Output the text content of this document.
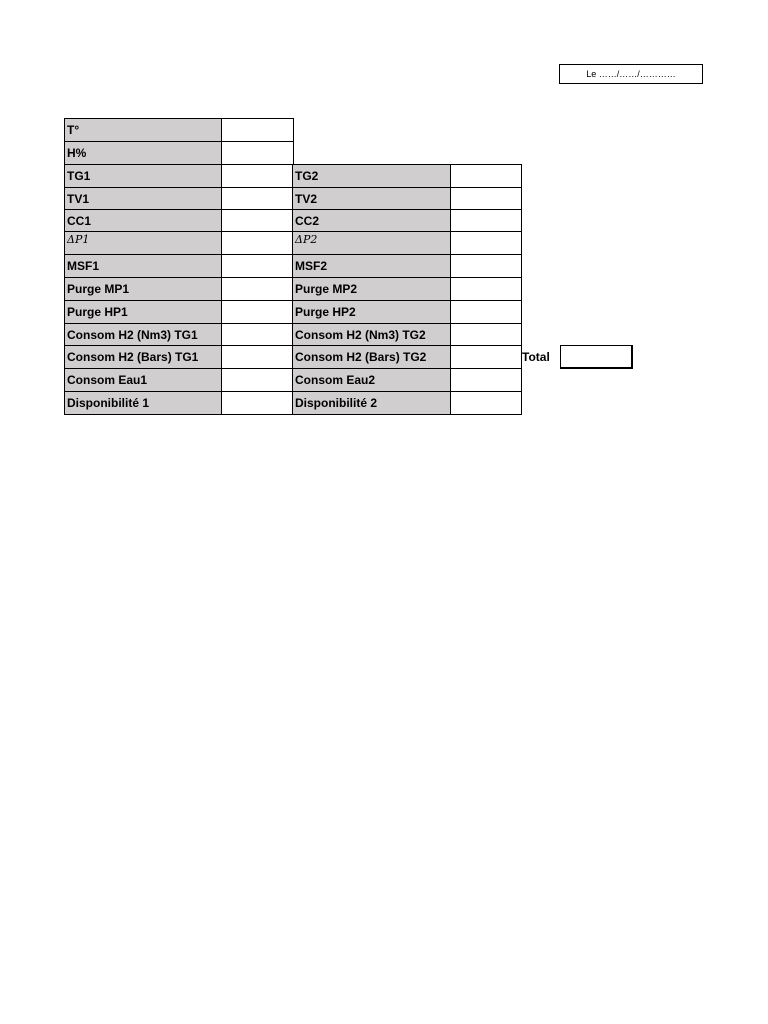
Le ……/……/…………
T°
H%
TG1	TG2
TV1	TV2
CC1	CC2
ΔP1	ΔP2
MSF1	MSF2
Purge MP1	Purge MP2
Purge HP1	Purge HP2
Consom H2 (Nm3) TG1	Consom H2 (Nm3) TG2
Consom H2 (Bars) TG1	Consom H2 (Bars) TG2	Total
Consom Eau1	Consom Eau2
Disponibilité 1	Disponibilité 2
